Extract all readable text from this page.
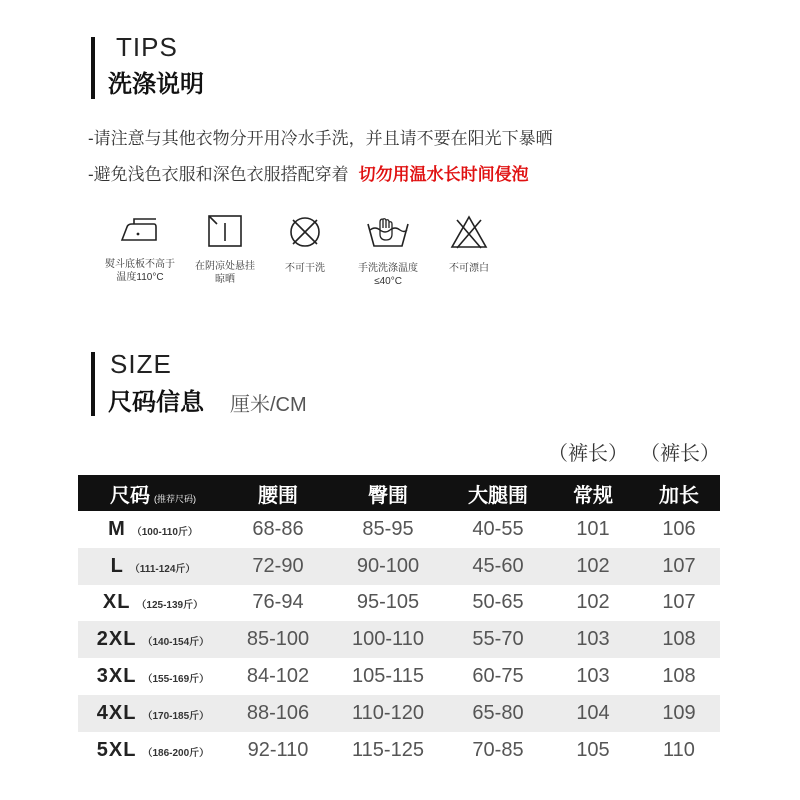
TIPS
洗涤说明
-请注意与其他衣物分开用冷水手洗，并且请不要在阳光下暴晒
-避免浅色衣服和深色衣服搭配穿着 切勿用温水长时间侵泡
熨斗底板不高于
温度110°C
在阴凉处悬挂
晾晒
不可干洗	手洗洗涤温度
≤40°C
不可漂白
SIZE
尺码信息 厘米/CM
（裤长） （裤长）
尺码 (推荐尺码)	腰围	臀围	大腿围	常规	加长
M （100-110斤）	68-86	85-95	40-55	101	106
L （111-124斤）	72-90	90-100	45-60	102	107
XL （125-139斤）	76-94	95-105	50-65	102	107
2XL （140-154斤）	85-100	100-110	55-70	103	108
3XL （155-169斤）	84-102	105-115	60-75	103	108
4XL （170-185斤）	88-106	110-120	65-80	104	109
5XL （186-200斤）	92-110	115-125	70-85	105	110
